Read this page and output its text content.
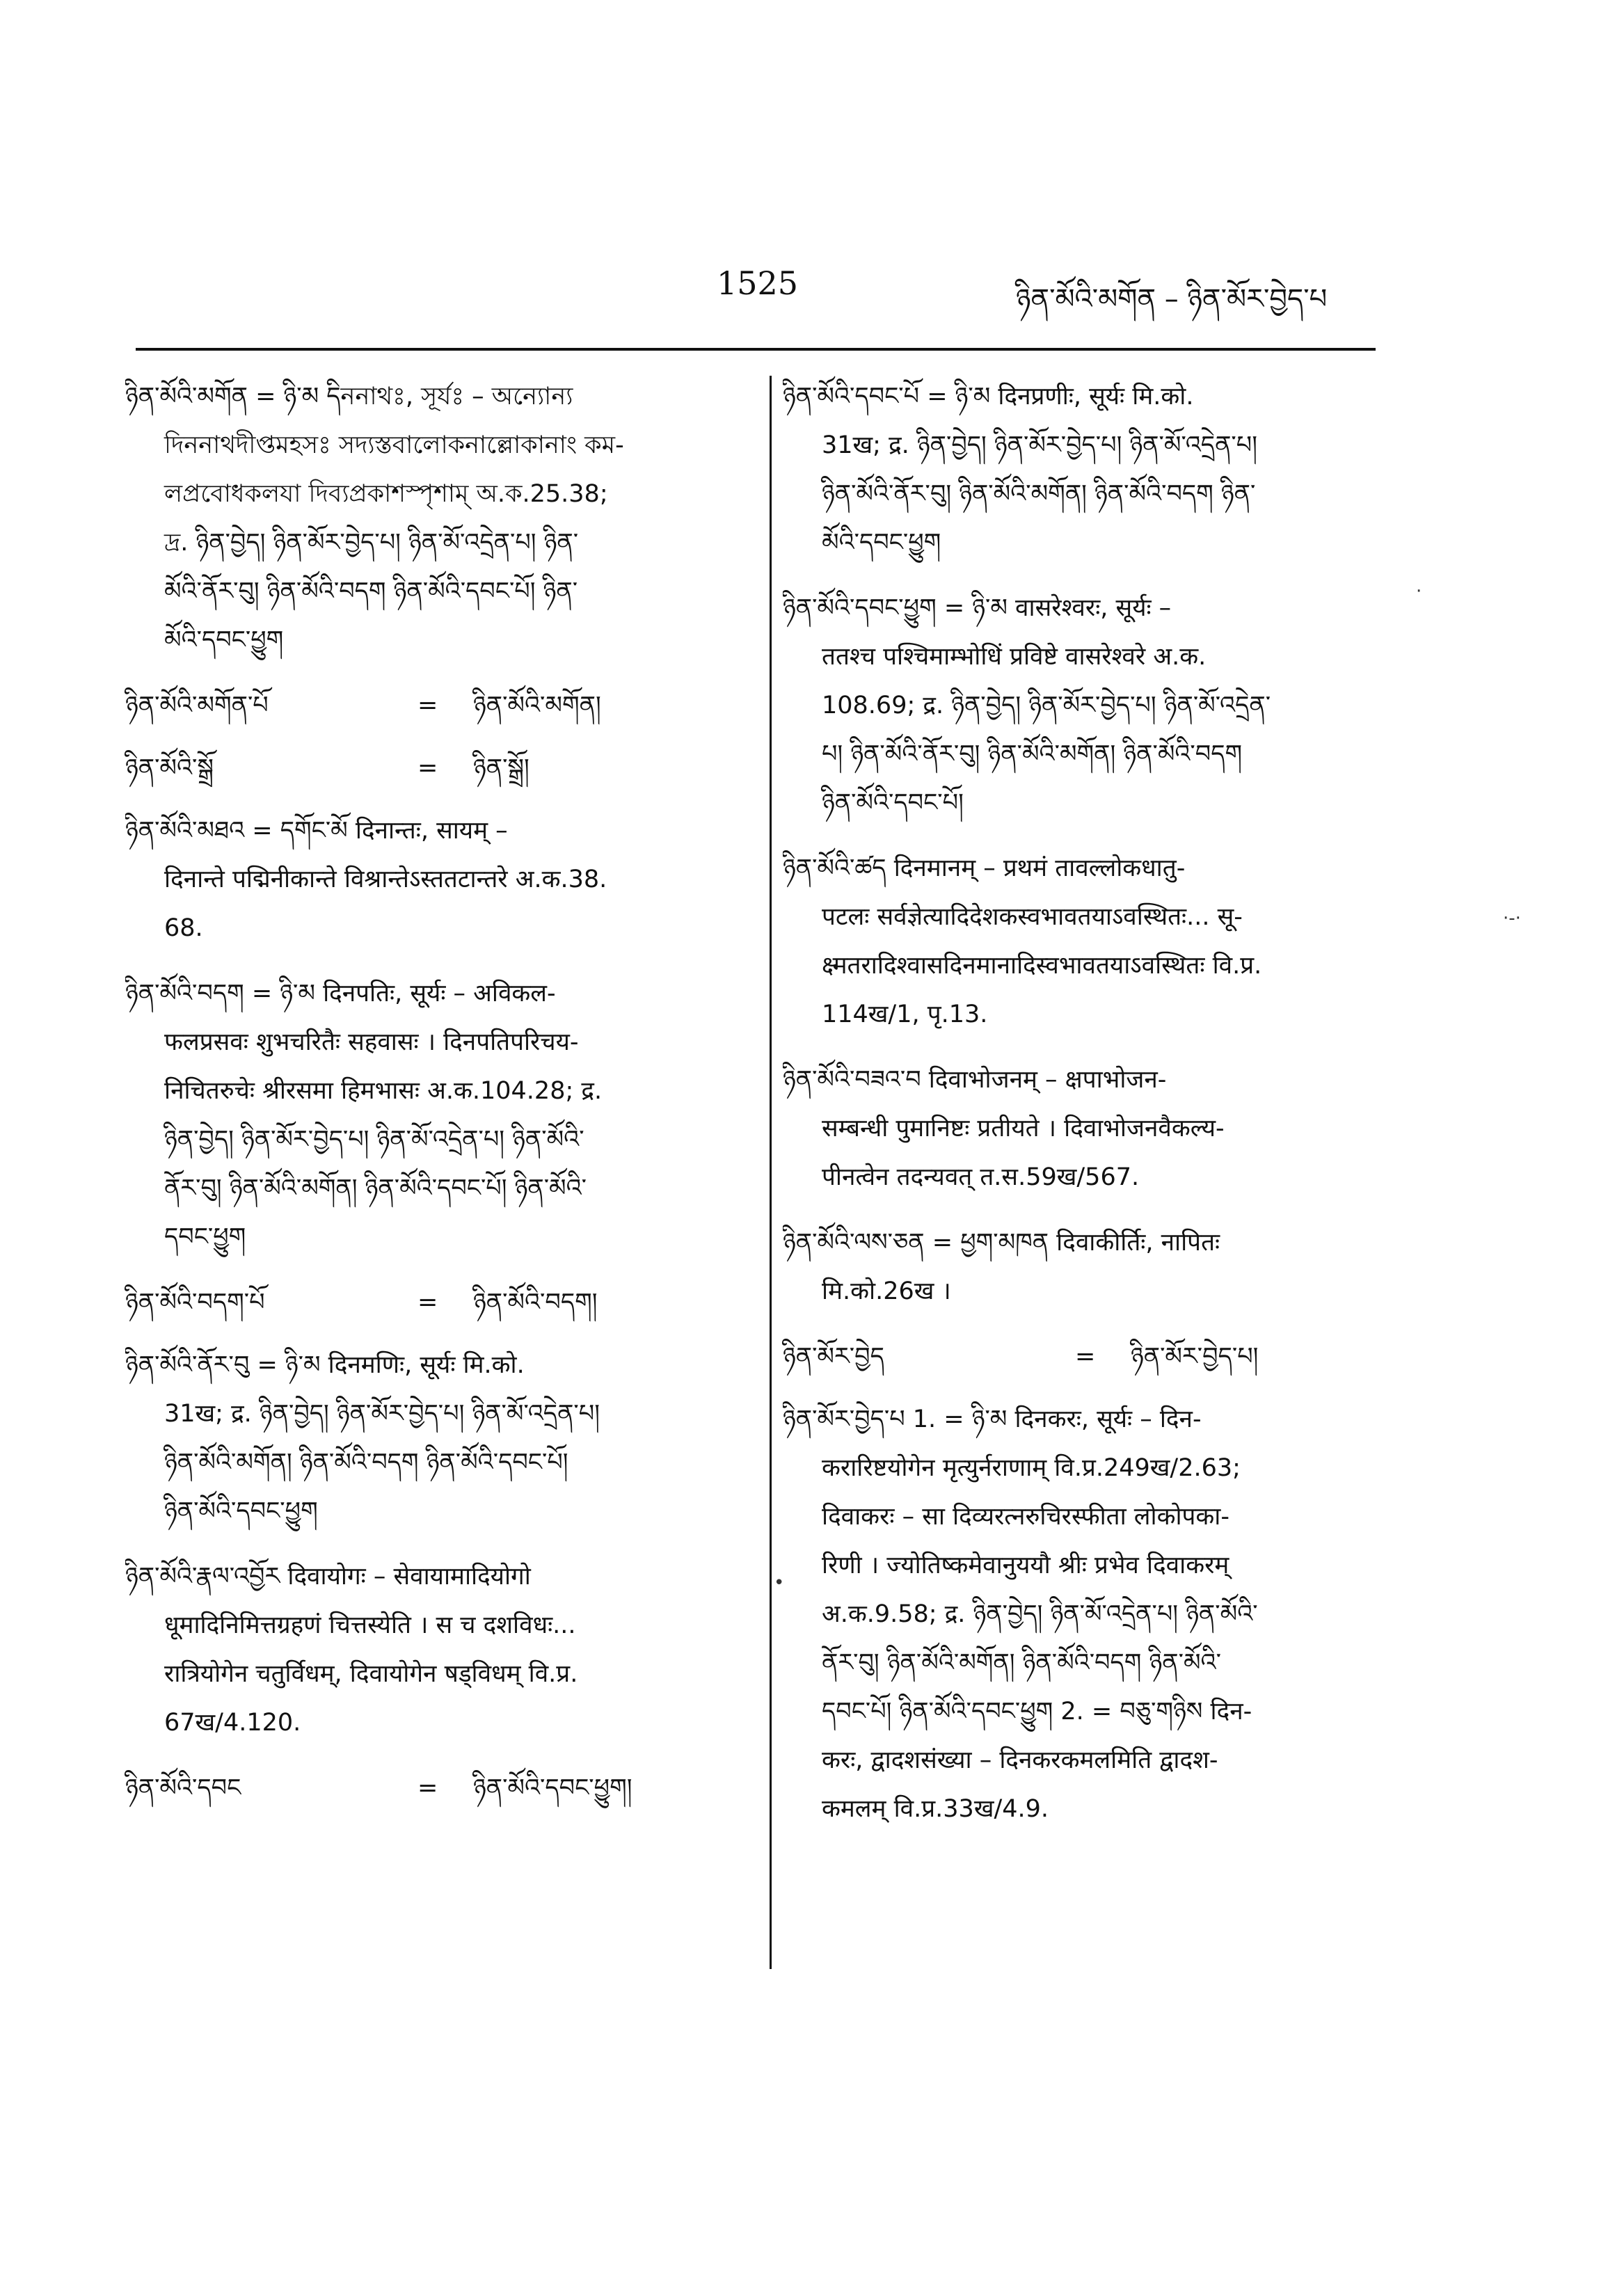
1525	ཉིན་མོའི་མགོན – ཉིན་མོར་བྱེད་པ
ཉིན་མོའི་མགོན = ཉི་མ དིননাথঃ, সূর্যঃ – অন্যোন্য
দিননাথদীপ্তমহসঃ সদ্যস্তবালোকনাল্লোকানাং কম-
লপ্রবোধকলযা দিব্যপ্রকাশস্পৃশাম্ অ.ক.25.38;
দ্র. ཉིན་བྱེད། ཉིན་མོར་བྱེད་པ། ཉིན་མོ་འདྲེན་པ། ཉིན་
མོའི་ནོར་བུ། ཉིན་མོའི་བདག ཉིན་མོའི་དབང་པོ། ཉིན་
མོའི་དབང་ཕྱུག
ཉིན་མོའི་མགོན་པོ	= ཉིན་མོའི་མགོན།
ཉིན་མོའི་སྒྲོ	= ཉིན་སྒྲོ།
ཉིན་མོའི་མཐའ = དགོང་མོ दिनान्तः, सायम् –
दिनान्ते पद्मिनीकान्ते विश्रान्तेऽस्ततटान्तरे अ.क.38.
68.
ཉིན་མོའི་བདག = ཉི་མ दिनपतिः, सूर्यः – अविकल-
फलप्रसवः शुभचरितैः सहवासः । दिनपतिपरिचय-
निचितरुचेः श्रीरसमा हिमभासः अ.क.104.28; द्र.
ཉིན་བྱེད། ཉིན་མོར་བྱེད་པ། ཉིན་མོ་འདྲེན་པ། ཉིན་མོའི་
ནོར་བུ། ཉིན་མོའི་མགོན། ཉིན་མོའི་དབང་པོ། ཉིན་མོའི་
དབང་ཕྱུག
ཉིན་མོའི་བདག་པོ	= ཉིན་མོའི་བདག།
ཉིན་མོའི་ནོར་བུ = ཉི་མ दिनमणिः, सूर्यः मि.को.
31ख; द्र. ཉིན་བྱེད། ཉིན་མོར་བྱེད་པ། ཉིན་མོ་འདྲེན་པ།
ཉིན་མོའི་མགོན། ཉིན་མོའི་བདག ཉིན་མོའི་དབང་པོ།
ཉིན་མོའི་དབང་ཕྱུག
ཉིན་མོའི་རྣལ་འབྱོར दिवायोगः – सेवायामादियोगो
धूमादिनिमित्तग्रहणं चित्तस्येति । स च दशविधः...
रात्रियोगेन चतुर्विधम्, दिवायोगेन षड्विधम् वि.प्र.
67ख/4.120.
ཉིན་མོའི་དབང	= ཉིན་མོའི་དབང་ཕྱུག།
ཉིན་མོའི་དབང་པོ = ཉི་མ दिनप्रणीः, सूर्यः मि.को.
31ख; द्र. ཉིན་བྱེད། ཉིན་མོར་བྱེད་པ། ཉིན་མོ་འདྲེན་པ།
ཉིན་མོའི་ནོར་བུ། ཉིན་མོའི་མགོན། ཉིན་མོའི་བདག ཉིན་
མོའི་དབང་ཕྱུག
ཉིན་མོའི་དབང་ཕྱུག = ཉི་མ वासरेश्वरः, सूर्यः –
ततश्च पश्चिमाम्भोधिं प्रविष्टे वासरेश्वरे अ.क.
108.69; द्र. ཉིན་བྱེད། ཉིན་མོར་བྱེད་པ། ཉིན་མོ་འདྲེན་
པ། ཉིན་མོའི་ནོར་བུ། ཉིན་མོའི་མགོན། ཉིན་མོའི་བདག
ཉིན་མོའི་དབང་པོ།
ཉིན་མོའི་ཚད दिनमानम् – प्रथमं तावल्लोकधातु-
पटलः सर्वज्ञेत्यादिदेशकस्वभावतयाऽवस्थितः... सू-
क्ष्मतरादिश्वासदिनमानादिस्वभावतयाऽवस्थितः वि.प्र.
114ख/1, पृ.13.
ཉིན་མོའི་བཟའ་བ दिवाभोजनम् – क्षपाभोजन-
सम्बन्धी पुमानिष्टः प्रतीयते । दिवाभोजनवैकल्य-
पीनत्वेन तदन्यवत् त.स.59ख/567.
ཉིན་མོའི་ལས་ཅན = ཕྱག་མཁན दिवाकीर्तिः, नापितः
मि.को.26ख ।
ཉིན་མོར་བྱེད	= ཉིན་མོར་བྱེད་པ།
ཉིན་མོར་བྱེད་པ 1. = ཉི་མ दिनकरः, सूर्यः – दिन-
करारिष्टयोगेन मृत्युर्नराणाम् वि.प्र.249ख/2.63;
दिवाकरः – सा दिव्यरत्नरुचिरस्फीता लोकोपका-
रिणी । ज्योतिष्कमेवानुययौ श्रीः प्रभेव दिवाकरम्
अ.क.9.58; द्र. ཉིན་བྱེད། ཉིན་མོ་འདྲེན་པ། ཉིན་མོའི་
ནོར་བུ། ཉིན་མོའི་མགོན། ཉིན་མོའི་བདག ཉིན་མོའི་
དབང་པོ། ཉིན་མོའི་དབང་ཕྱུག 2. = བཅུ་གཉིས दिन-
करः, द्वादशसंख्या – दिनकरकमलमिति द्वादश-
कमलम् वि.प्र.33ख/4.9.
·-·
·
•
